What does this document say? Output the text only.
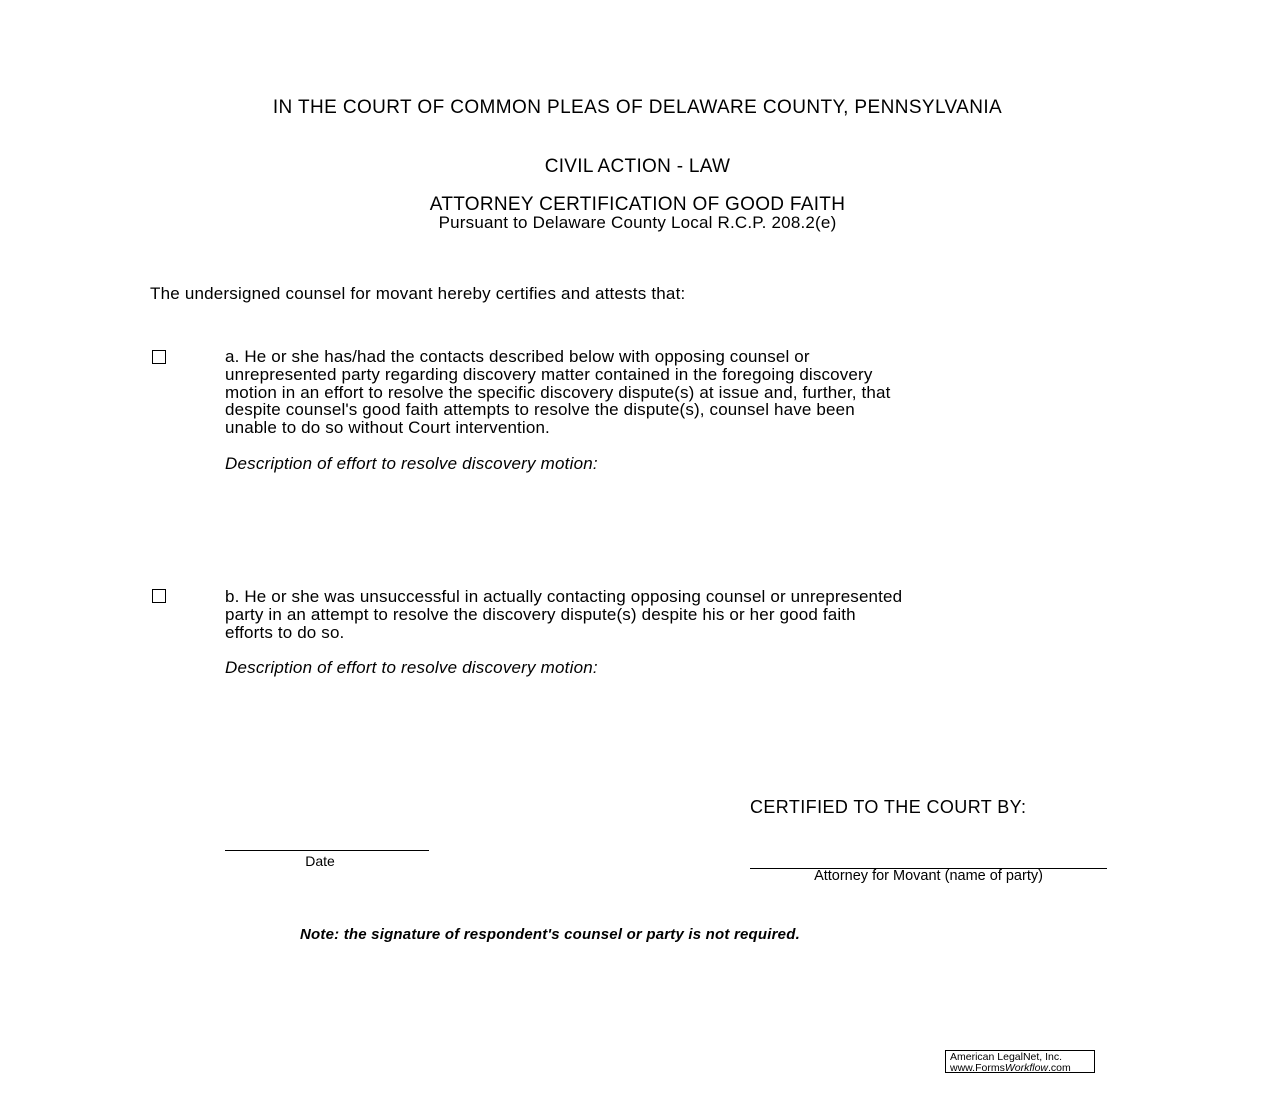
IN THE COURT OF COMMON PLEAS OF DELAWARE COUNTY, PENNSYLVANIA
CIVIL ACTION - LAW
ATTORNEY CERTIFICATION OF GOOD FAITH
Pursuant to Delaware County Local R.C.P. 208.2(e)
The undersigned counsel for movant hereby certifies and attests that:
a. He or she has/had the contacts described below with opposing counsel or
unrepresented party regarding discovery matter contained in the foregoing discovery
motion in an effort to resolve the specific discovery dispute(s) at issue and, further, that
despite counsel's good faith attempts to resolve the dispute(s), counsel have been
unable to do so without Court intervention.
Description of effort to resolve discovery motion:
b. He or she was unsuccessful in actually contacting opposing counsel or unrepresented
party in an attempt to resolve the discovery dispute(s) despite his or her good faith
efforts to do so.
Description of effort to resolve discovery motion:
CERTIFIED TO THE COURT BY:
Date
Attorney for Movant (name of party)
Note: the signature of respondent's counsel or party is not required.
American LegalNet, Inc.
www.FormsWorkflow.com
